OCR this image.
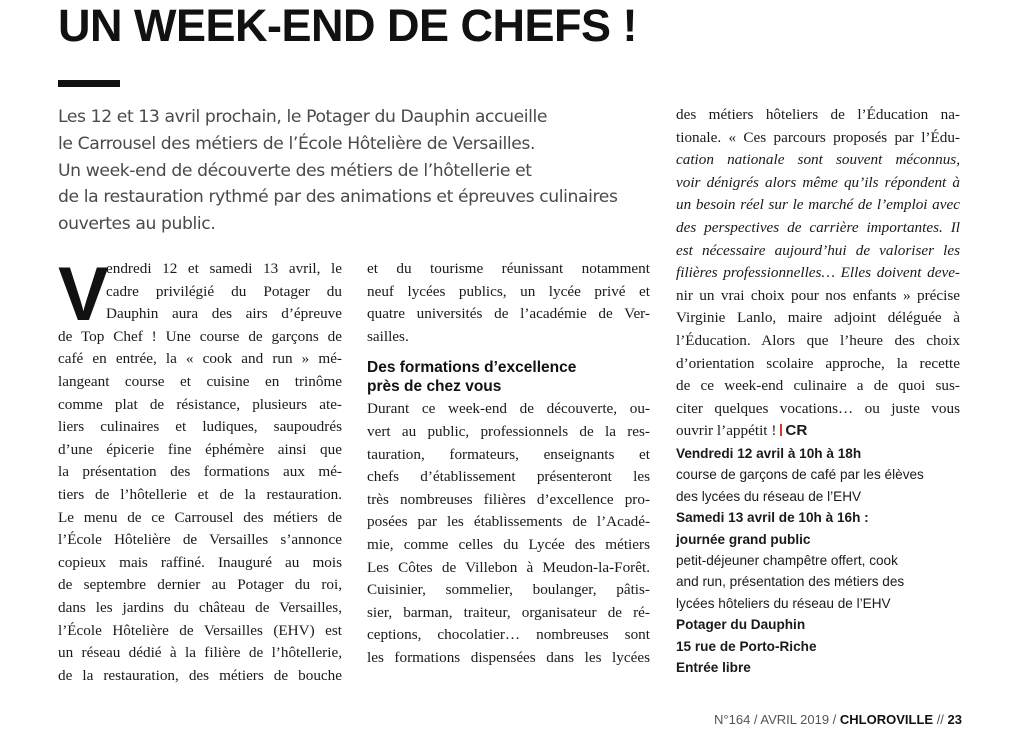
UN WEEK-END DE CHEFS !
Les 12 et 13 avril prochain, le Potager du Dauphin accueille
le Carrousel des métiers de l’École Hôtelière de Versailles.
Un week-end de découverte des métiers de l’hôtellerie et
de la restauration rythmé par des animations et épreuves culinaires
ouvertes au public.
V
endredi 12 et samedi 13 avril, le
cadre privilégié du Potager du
Dauphin aura des airs d’épreuve
de Top Chef ! Une course de garçons de
café en entrée, la « cook and run » mé-
langeant course et cuisine en trinôme
comme plat de résistance, plusieurs ate-
liers culinaires et ludiques, saupoudrés
d’une épicerie fine éphémère ainsi que
la présentation des formations aux mé-
tiers de l’hôtellerie et de la restauration.
Le menu de ce Carrousel des métiers de
l’École Hôtelière de Versailles s’annonce
copieux mais raffiné. Inauguré au mois
de septembre dernier au Potager du roi,
dans les jardins du château de Versailles,
l’École Hôtelière de Versailles (EHV) est
un réseau dédié à la filière de l’hôtellerie,
de la restauration, des métiers de bouche
et du tourisme réunissant notamment
neuf lycées publics, un lycée privé et
quatre universités de l’académie de Ver-
sailles.
Des formations d’excellence
près de chez vous
Durant ce week-end de découverte, ou-
vert au public, professionnels de la res-
tauration, formateurs, enseignants et
chefs d’établissement présenteront les
très nombreuses filières d’excellence pro-
posées par les établissements de l’Acadé-
mie, comme celles du Lycée des métiers
Les Côtes de Villebon à Meudon-la-Forêt.
Cuisinier, sommelier, boulanger, pâtis-
sier, barman, traiteur, organisateur de ré-
ceptions, chocolatier… nombreuses sont
les formations dispensées dans les lycées
des métiers hôteliers de l’Éducation na-
tionale. « Ces parcours proposés par l’Édu-
cation nationale sont souvent méconnus,
voir dénigrés alors même qu’ils répondent à
un besoin réel sur le marché de l’emploi avec
des perspectives de carrière importantes. Il
est nécessaire aujourd’hui de valoriser les
filières professionnelles… Elles doivent deve-
nir un vrai choix pour nos enfants » précise
Virginie Lanlo, maire adjoint déléguée à
l’Éducation. Alors que l’heure des choix
d’orientation scolaire approche, la recette
de ce week-end culinaire a de quoi sus-
citer quelques vocations… ou juste vous
ouvrir l’appétit ! CR
Vendredi 12 avril à 10h à 18h
course de garçons de café par les élèves
des lycées du réseau de l’EHV
Samedi 13 avril de 10h à 16h :
journée grand public
petit-déjeuner champêtre offert, cook
and run, présentation des métiers des
lycées hôteliers du réseau de l’EHV
Potager du Dauphin
15 rue de Porto-Riche
Entrée libre
N°164 / AVRIL 2019 / CHLOROVILLE // 23
